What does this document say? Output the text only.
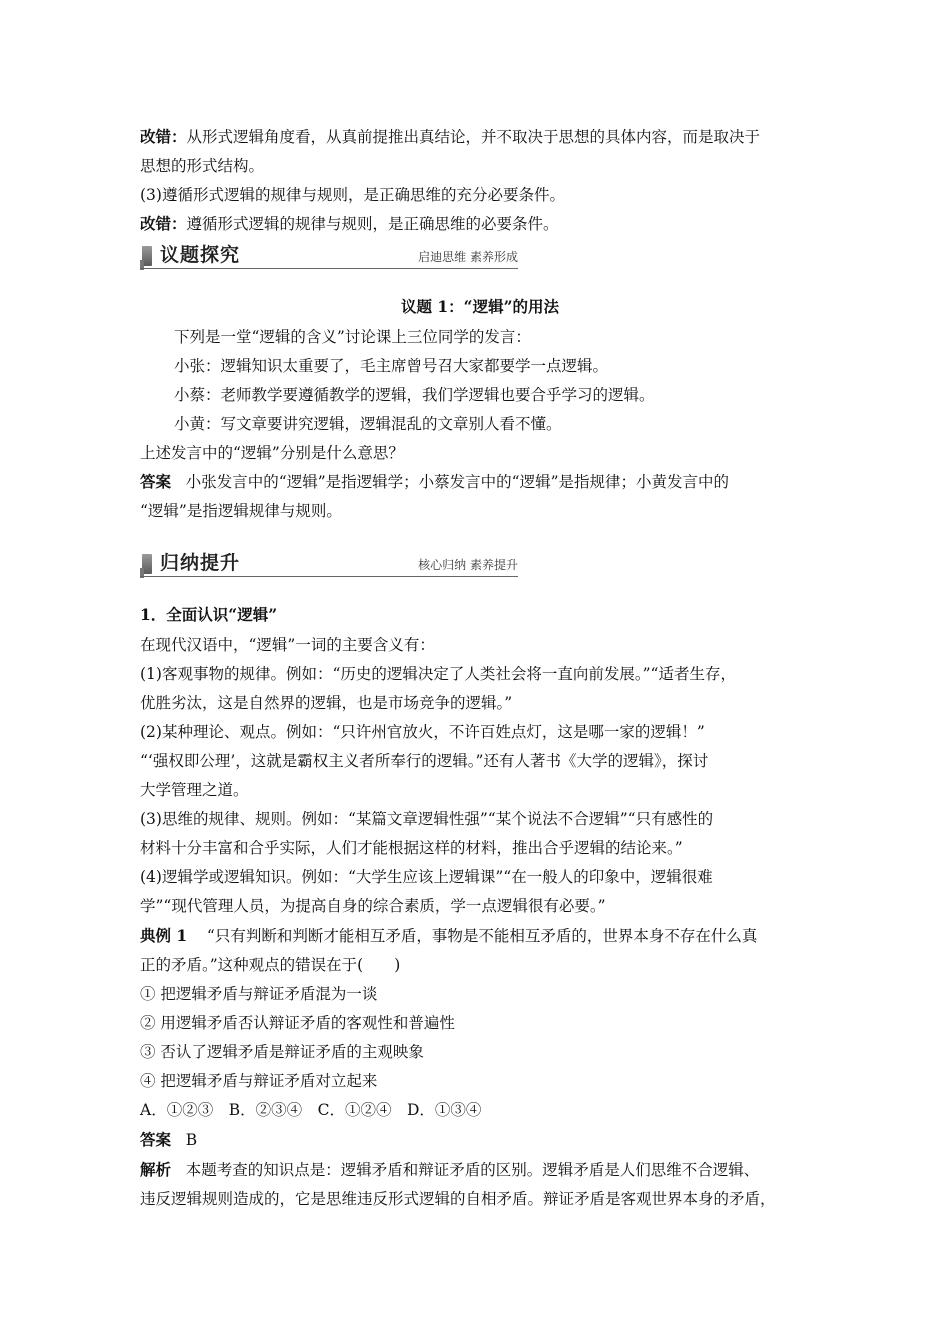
改错：从形式逻辑角度看，从真前提推出真结论，并不取决于思想的具体内容，而是取决于
思想的形式结构。
(3)遵循形式逻辑的规律与规则，是正确思维的充分必要条件。
改错：遵循形式逻辑的规律与规则，是正确思维的必要条件。
议题探究	启迪思维 素养形成
议题 1：“逻辑”的用法
下列是一堂“逻辑的含义”讨论课上三位同学的发言：
小张：逻辑知识太重要了，毛主席曾号召大家都要学一点逻辑。
小蔡：老师教学要遵循教学的逻辑，我们学逻辑也要合乎学习的逻辑。
小黄：写文章要讲究逻辑，逻辑混乱的文章别人看不懂。
上述发言中的“逻辑”分别是什么意思？
答案 小张发言中的“逻辑”是指逻辑学；小蔡发言中的“逻辑”是指规律；小黄发言中的
“逻辑”是指逻辑规律与规则。
归纳提升	核心归纳 素养提升
1．全面认识“逻辑”
在现代汉语中，“逻辑”一词的主要含义有：
(1)客观事物的规律。例如：“历史的逻辑决定了人类社会将一直向前发展。”“适者生存，
优胜劣汰，这是自然界的逻辑，也是市场竞争的逻辑。”
(2)某种理论、观点。例如：“只许州官放火，不许百姓点灯，这是哪一家的逻辑！”
“‘强权即公理’，这就是霸权主义者所奉行的逻辑。”还有人著书《大学的逻辑》，探讨
大学管理之道。
(3)思维的规律、规则。例如：“某篇文章逻辑性强”“某个说法不合逻辑”“只有感性的
材料十分丰富和合乎实际，人们才能根据这样的材料，推出合乎逻辑的结论来。”
(4)逻辑学或逻辑知识。例如：“大学生应该上逻辑课”“在一般人的印象中，逻辑很难
学”“现代管理人员，为提高自身的综合素质，学一点逻辑很有必要。”
典例 1 “只有判断和判断才能相互矛盾，事物是不能相互矛盾的，世界本身不存在什么真
正的矛盾。”这种观点的错误在于(　　)
① 把逻辑矛盾与辩证矛盾混为一谈
② 用逻辑矛盾否认辩证矛盾的客观性和普遍性
③ 否认了逻辑矛盾是辩证矛盾的主观映象
④ 把逻辑矛盾与辩证矛盾对立起来
A．①②③　B．②③④　C．①②④　D．①③④
答案 B
解析 本题考查的知识点是：逻辑矛盾和辩证矛盾的区别。逻辑矛盾是人们思维不合逻辑、
违反逻辑规则造成的，它是思维违反形式逻辑的自相矛盾。辩证矛盾是客观世界本身的矛盾，
